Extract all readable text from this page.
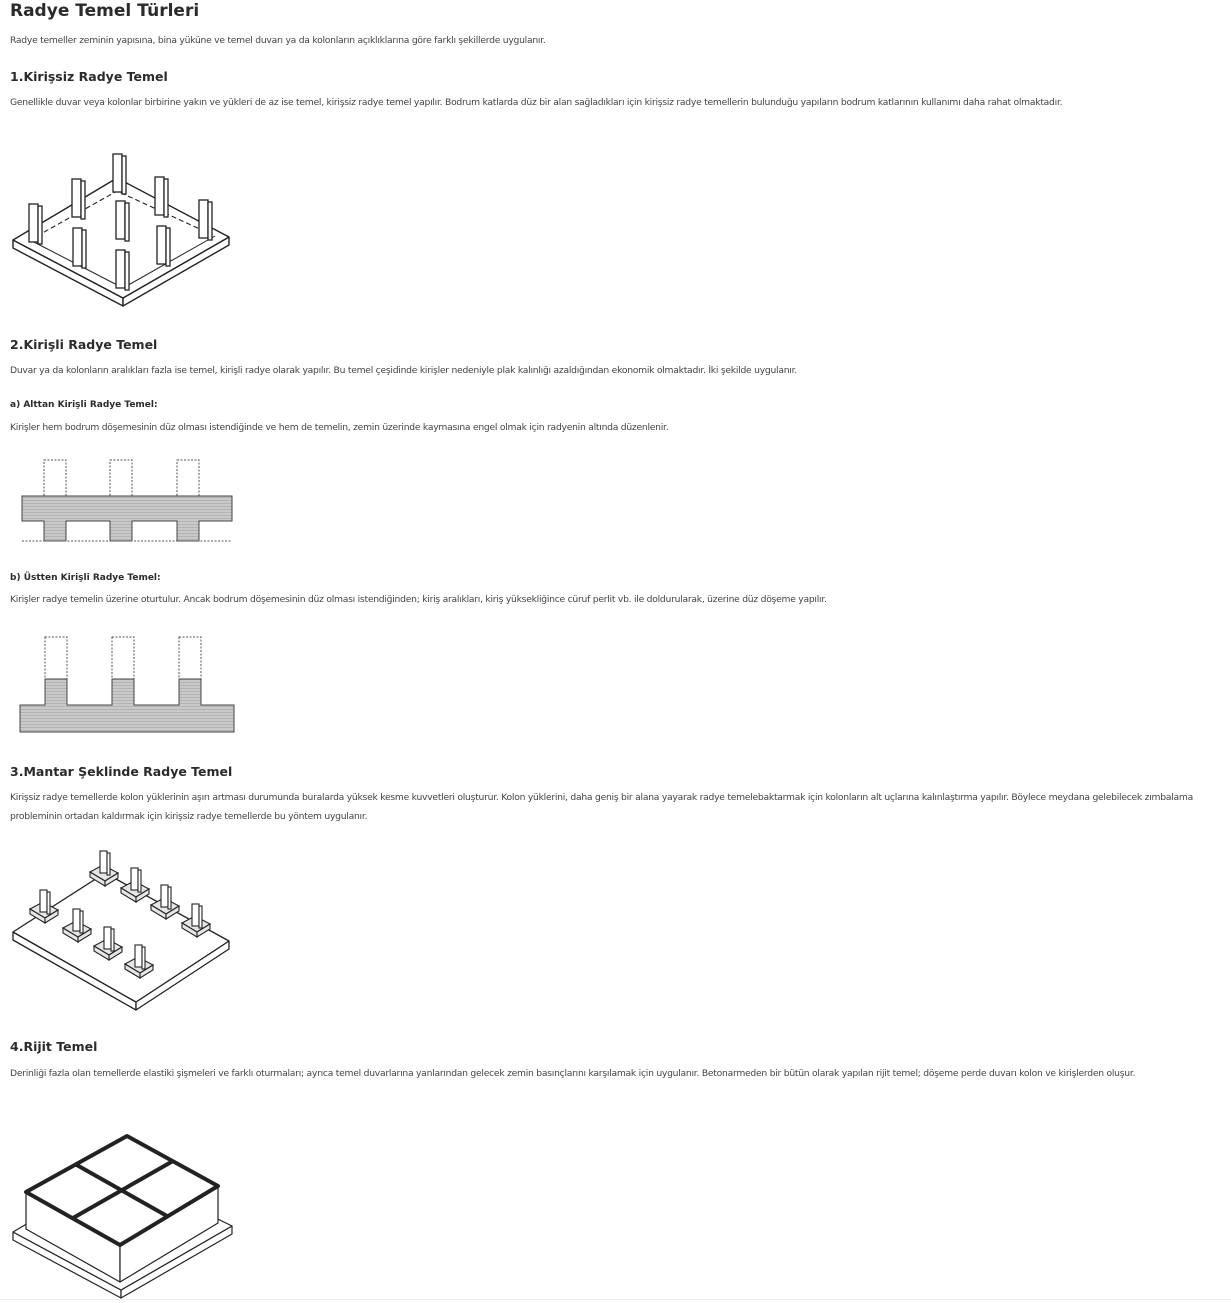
Radye Temel Türleri

Radye temeller zeminin yapısına, bina yüküne ve temel duvarı ya da kolonların açıklıklarına göre farklı şekillerde uygulanır.

1.Kirişsiz Radye Temel

Genellikle duvar veya kolonlar birbirine yakın ve yükleri de az ise temel, kirişsiz radye temel yapılır. Bodrum katlarda düz bir alan sağladıkları için kirişsiz radye temellerin bulunduğu yapıların bodrum katlarının kullanımı daha rahat olmaktadır.

2.Kirişli Radye Temel

Duvar ya da kolonların aralıkları fazla ise temel, kirişli radye olarak yapılır. Bu temel çeşidinde kirişler nedeniyle plak kalınlığı azaldığından ekonomik olmaktadır. İki şekilde uygulanır.

a) Alttan Kirişli Radye Temel:

Kirişler hem bodrum döşemesinin düz olması istendiğinde ve hem de temelin, zemin üzerinde kaymasına engel olmak için radyenin altında düzenlenir.

b) Üstten Kirişli Radye Temel:

Kirişler radye temelin üzerine oturtulur. Ancak bodrum döşemesinin düz olması istendiğinden; kiriş aralıkları, kiriş yüksekliğince cüruf perlit vb. ile doldurularak, üzerine düz döşeme yapılır.

3.Mantar Şeklinde Radye Temel

Kirişsiz radye temellerde kolon yüklerinin aşırı artması durumunda buralarda yüksek kesme kuvvetleri oluşturur. Kolon yüklerini, daha geniş bir alana yayarak radye temelebaktarmak için kolonların alt uçlarına kalınlaştırma yapılır. Böylece meydana gelebilecek zımbalama probleminin ortadan kaldırmak için kirişsiz radye temellerde bu yöntem uygulanır.

4.Rijit Temel

Derinliği fazla olan temellerde elastiki şişmeleri ve farklı oturmaları; ayrıca temel duvarlarına yanlarından gelecek zemin basınçlarını karşılamak için uygulanır. Betonarmeden bir bütün olarak yapılan rijit temel; döşeme perde duvarı kolon ve kirişlerden oluşur.
